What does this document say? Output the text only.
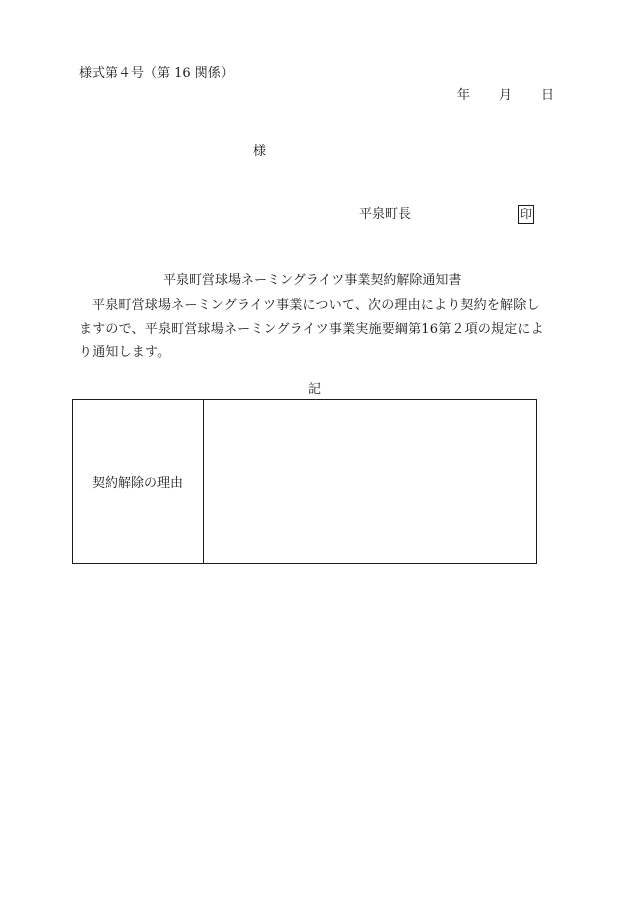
様式第４号（第 16 関係）
年 月 日
様
平泉町長	印
平泉町営球場ネーミングライツ事業契約解除通知書
平泉町営球場ネーミングライツ事業について、次の理由により契約を解除しますので、平泉町営球場ネーミングライツ事業実施要綱第16第２項の規定により通知します。
記
契約解除の理由
